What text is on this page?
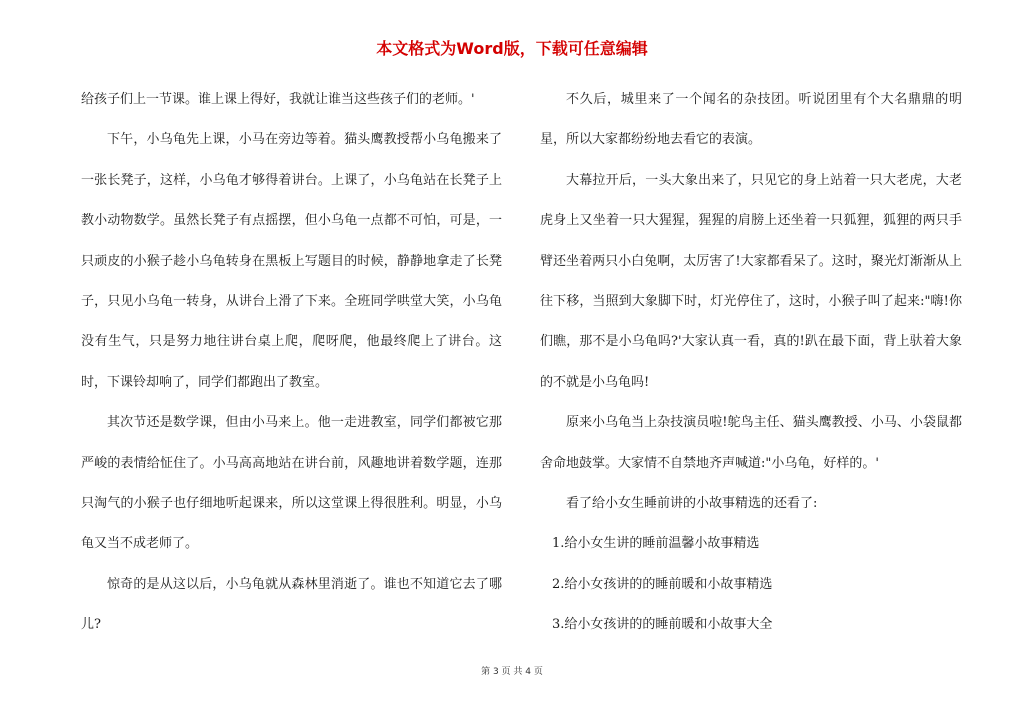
本文格式为Word版，下载可任意编辑

给孩子们上一节课。谁上课上得好，我就让谁当这些孩子们的老师。'

下午，小乌龟先上课，小马在旁边等着。猫头鹰教授帮小乌龟搬来了一张长凳子，这样，小乌龟才够得着讲台。上课了，小乌龟站在长凳子上教小动物数学。虽然长凳子有点摇摆，但小乌龟一点都不可怕，可是，一只顽皮的小猴子趁小乌龟转身在黑板上写题目的时候，静静地拿走了长凳子，只见小乌龟一转身，从讲台上滑了下来。全班同学哄堂大笑，小乌龟没有生气，只是努力地往讲台桌上爬，爬呀爬，他最终爬上了讲台。这时，下课铃却响了，同学们都跑出了教室。

其次节还是数学课，但由小马来上。他一走进教室，同学们都被它那严峻的表情给怔住了。小马高高地站在讲台前，风趣地讲着数学题，连那只淘气的小猴子也仔细地听起课来，所以这堂课上得很胜利。明显，小乌龟又当不成老师了。

惊奇的是从这以后，小乌龟就从森林里消逝了。谁也不知道它去了哪儿?

不久后，城里来了一个闻名的杂技团。听说团里有个大名鼎鼎的明星，所以大家都纷纷地去看它的表演。

大幕拉开后，一头大象出来了，只见它的身上站着一只大老虎，大老虎身上又坐着一只大猩猩，猩猩的肩膀上还坐着一只狐狸，狐狸的两只手臂还坐着两只小白兔啊，太厉害了!大家都看呆了。这时，聚光灯渐渐从上往下移，当照到大象脚下时，灯光停住了，这时，小猴子叫了起来:"嗨!你们瞧，那不是小乌龟吗?'大家认真一看，真的!趴在最下面，背上驮着大象的不就是小乌龟吗!

原来小乌龟当上杂技演员啦!鸵鸟主任、猫头鹰教授、小马、小袋鼠都舍命地鼓掌。大家情不自禁地齐声喊道:"小乌龟，好样的。'

看了给小女生睡前讲的小故事精选的还看了:

1.给小女生讲的睡前温馨小故事精选

2.给小女孩讲的的睡前暖和小故事精选

3.给小女孩讲的的睡前暖和小故事大全

第 3 页 共 4 页
